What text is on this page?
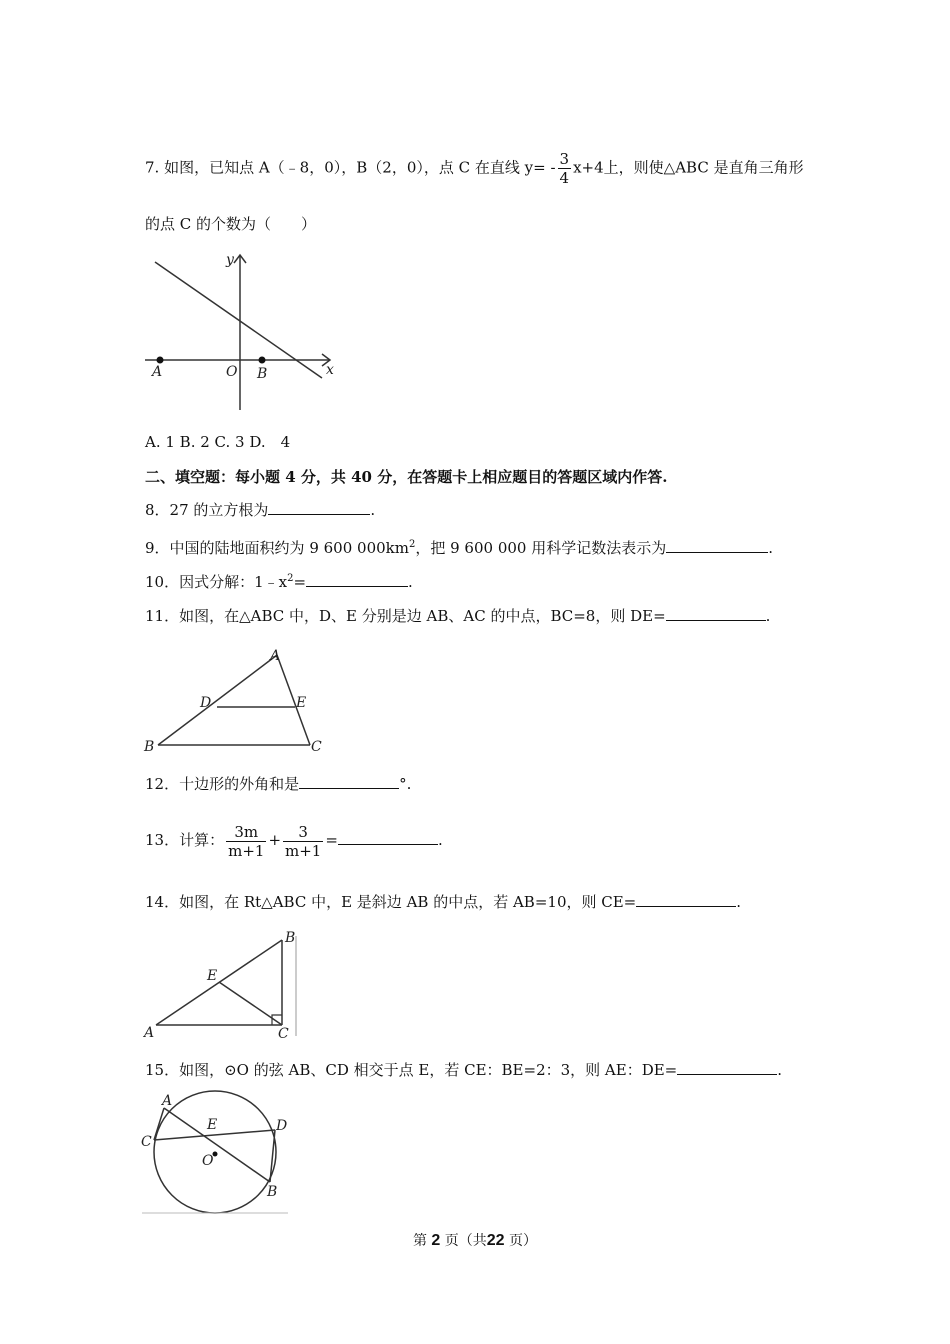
7. 如图，已知点 A（﹣8，0），B（2，0），点 C 在直线 $y= - \frac{3}{4} x+4$上，则使△ABC 是直角三角形
的点 C 的个数为（　　）
y
x
A	O B
A. 1 B. 2 C. 3 D.　4
二、填空题：每小题 4 分，共 40 分，在答题卡上相应题目的答题区域内作答.
8．27 的立方根为	.
9．中国的陆地面积约为 9 600 $000km^2$，把 9 600 000 用科学记数法表示为	.
10．因式分解：$1﹣x^2=$	.
11．如图，在△ABC 中，D、E 分别是边 AB、AC 的中点，BC=8，则 DE=	.
A
D	E
B	C
12．十边形的外角和是	°.
13．计算： $\frac{3m}{m+1} + \frac{3}{m+1}$ =	.
14．如图，在 Rt△ABC 中，E 是斜边 AB 的中点，若 AB=10，则 CE=	.
B
E
A	C
15．如图，⊙O 的弦 AB、CD 相交于点 E，若 CE：BE=2：3，则 AE：DE=	.
A
E	D
C
O
B
第 2 页（共22 页）
